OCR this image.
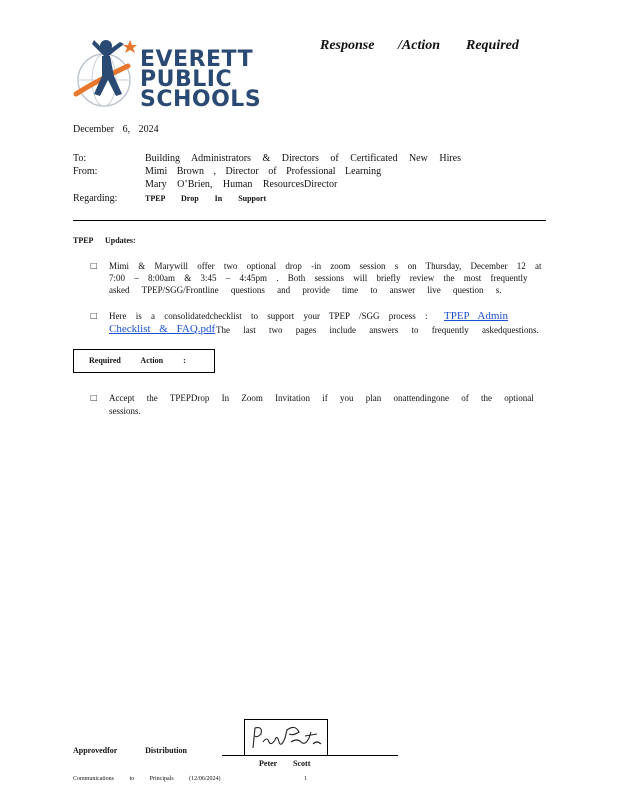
EVERETT
PUBLIC
SCHOOLS
Response /Action Required
December 6, 2024
To:	Building Administrators & Directors of Certificated New Hires
From:	Mimi Brown , Director of Professional Learning
Mary O’Brien, Human ResourcesDirector
Regarding:	TPEP Drop In Support
TPEP Updates:
□ Mimi & Marywill offer two optional drop -in zoom session s on Thursday, December 12 at
7:00 – 8:00am & 3:45 – 4:45pm . Both sessions will briefly review the most frequently
asked TPEP/SGG/Frontline questions and provide time to answer live question s.
□ Here is a consolidatedchecklist to support your TPEP /SGG process : TPEP Admin
Checklist & FAQ.pdf The last two pages include answers to frequently askedquestions.
Required Action :
□ Accept the TPEPDrop In Zoom Invitation if you plan onattendingone of the optional
sessions.
Approvedfor Distribution
Peter Scott
Communications to Principals (12/06/2024)	1
